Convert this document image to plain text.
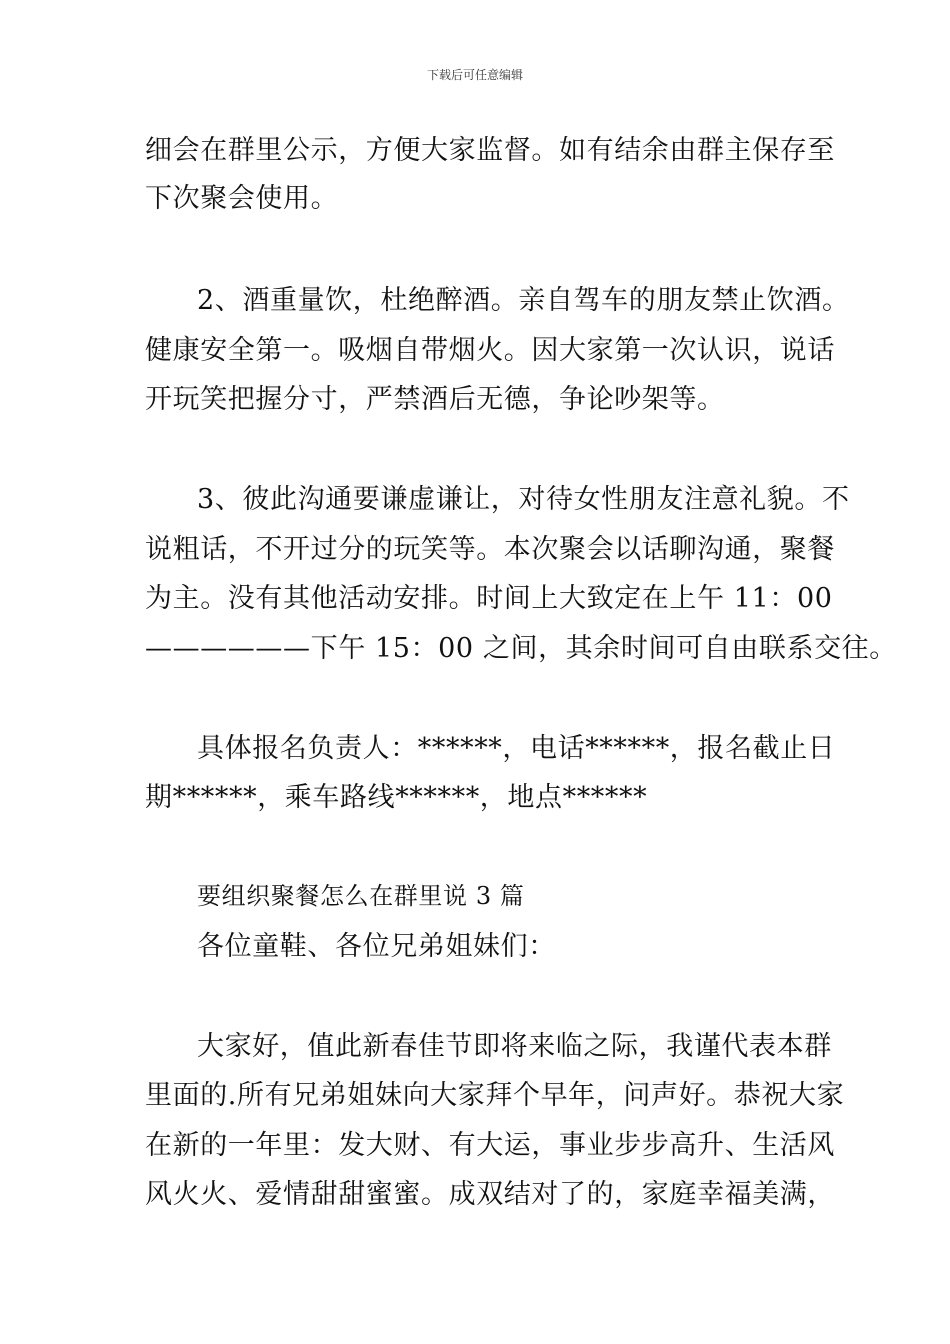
下载后可任意编辑
细会在群里公示，方便大家监督。如有结余由群主保存至
下次聚会使用。
2、酒重量饮，杜绝醉酒。亲自驾车的朋友禁止饮酒。
健康安全第一。吸烟自带烟火。因大家第一次认识，说话
开玩笑把握分寸，严禁酒后无德，争论吵架等。
3、彼此沟通要谦虚谦让，对待女性朋友注意礼貌。不
说粗话，不开过分的玩笑等。本次聚会以话聊沟通，聚餐
为主。没有其他活动安排。时间上大致定在上午 11：00
——————下午 15：00 之间，其余时间可自由联系交往。
具体报名负责人：******，电话******，报名截止日
期******，乘车路线******，地点******
要组织聚餐怎么在群里说 3 篇
各位童鞋、各位兄弟姐妹们：
大家好，值此新春佳节即将来临之际，我谨代表本群
里面的.所有兄弟姐妹向大家拜个早年，问声好。恭祝大家
在新的一年里：发大财、有大运，事业步步高升、生活风
风火火、爱情甜甜蜜蜜。成双结对了的，家庭幸福美满，
